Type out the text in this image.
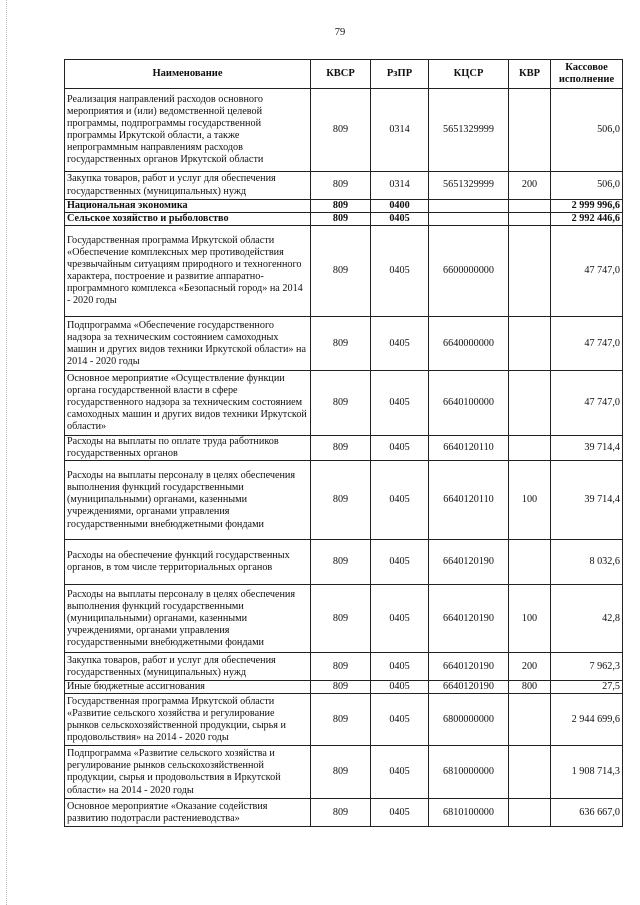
79
Наименование	КВСР	РзПР	КЦСР	КВР	Кассовое исполнение
Реализация направлений расходов основного мероприятия и (или) ведомственной целевой программы, подпрограммы государственной программы Иркутской области, а также непрограммным направлениям расходов государственных органов Иркутской области	809	0314	5651329999		506,0
Закупка товаров, работ и услуг для обеспечения государственных (муниципальных) нужд	809	0314	5651329999	200	506,0
Национальная экономика	809	0400			2 999 996,6
Сельское хозяйство и рыболовство	809	0405			2 992 446,6
Государственная программа Иркутской области «Обеспечение комплексных мер противодействия чрезвычайным ситуациям природного и техногенного характера, построение и развитие аппаратно-программного комплекса «Безопасный город» на 2014 - 2020 годы	809	0405	6600000000		47 747,0
Подпрограмма «Обеспечение государственного надзора за техническим состоянием самоходных машин и других видов техники Иркутской области» на 2014 - 2020 годы	809	0405	6640000000		47 747,0
Основное мероприятие «Осуществление функции органа государственной власти в сфере государственного надзора за техническим состоянием самоходных машин и других видов техники Иркутской области»	809	0405	6640100000		47 747,0
Расходы на выплаты по оплате труда работников государственных органов	809	0405	6640120110		39 714,4
Расходы на выплаты персоналу в целях обеспечения выполнения функций государственными (муниципальными) органами, казенными учреждениями, органами управления государственными внебюджетными фондами	809	0405	6640120110	100	39 714,4
Расходы на обеспечение функций государственных органов, в том числе территориальных органов	809	0405	6640120190		8 032,6
Расходы на выплаты персоналу в целях обеспечения выполнения функций государственными (муниципальными) органами, казенными учреждениями, органами управления государственными внебюджетными фондами	809	0405	6640120190	100	42,8
Закупка товаров, работ и услуг для обеспечения государственных (муниципальных) нужд	809	0405	6640120190	200	7 962,3
Иные бюджетные ассигнования	809	0405	6640120190	800	27,5
Государственная программа Иркутской области «Развитие сельского хозяйства и регулирование рынков сельскохозяйственной продукции, сырья и продовольствия» на 2014 - 2020 годы	809	0405	6800000000		2 944 699,6
Подпрограмма «Развитие сельского хозяйства и регулирование рынков сельскохозяйственной продукции, сырья и продовольствия в Иркутской области» на 2014 - 2020 годы	809	0405	6810000000		1 908 714,3
Основное мероприятие «Оказание содействия развитию подотрасли растениеводства»	809	0405	6810100000		636 667,0
